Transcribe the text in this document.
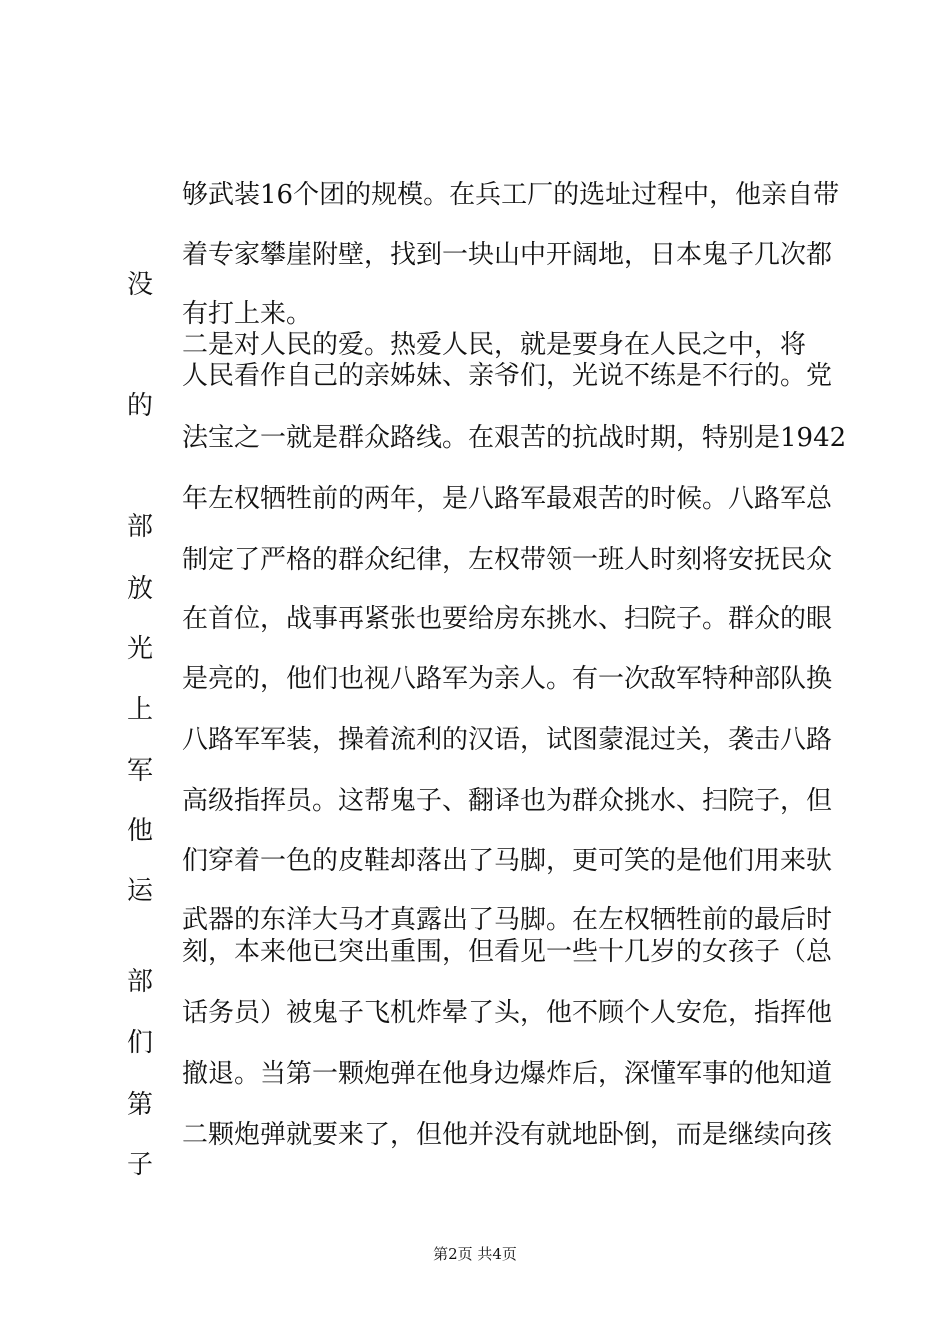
够武装16个团的规模。在兵工厂的选址过程中，他亲自带
着专家攀崖附壁，找到一块山中开阔地，日本鬼子几次都
有打上来。
二是对人民的爱。热爱人民，就是要身在人民之中，将
人民看作自己的亲姊妹、亲爷们，光说不练是不行的。党
法宝之一就是群众路线。在艰苦的抗战时期，特别是1942
年左权牺牲前的两年，是八路军最艰苦的时候。八路军总
制定了严格的群众纪律，左权带领一班人时刻将安抚民众
在首位，战事再紧张也要给房东挑水、扫院子。群众的眼
是亮的，他们也视八路军为亲人。有一次敌军特种部队换
八路军军装，操着流利的汉语，试图蒙混过关，袭击八路
高级指挥员。这帮鬼子、翻译也为群众挑水、扫院子，但
们穿着一色的皮鞋却落出了马脚，更可笑的是他们用来驮
武器的东洋大马才真露出了马脚。在左权牺牲前的最后时
刻，本来他已突出重围，但看见一些十几岁的女孩子（总
话务员）被鬼子飞机炸晕了头，他不顾个人安危，指挥他
撤退。当第一颗炮弹在他身边爆炸后，深懂军事的他知道
二颗炮弹就要来了，但他并没有就地卧倒，而是继续向孩
没
的
部
放
光
上
军
他
运
部
们
第
子
第2页 共4页
